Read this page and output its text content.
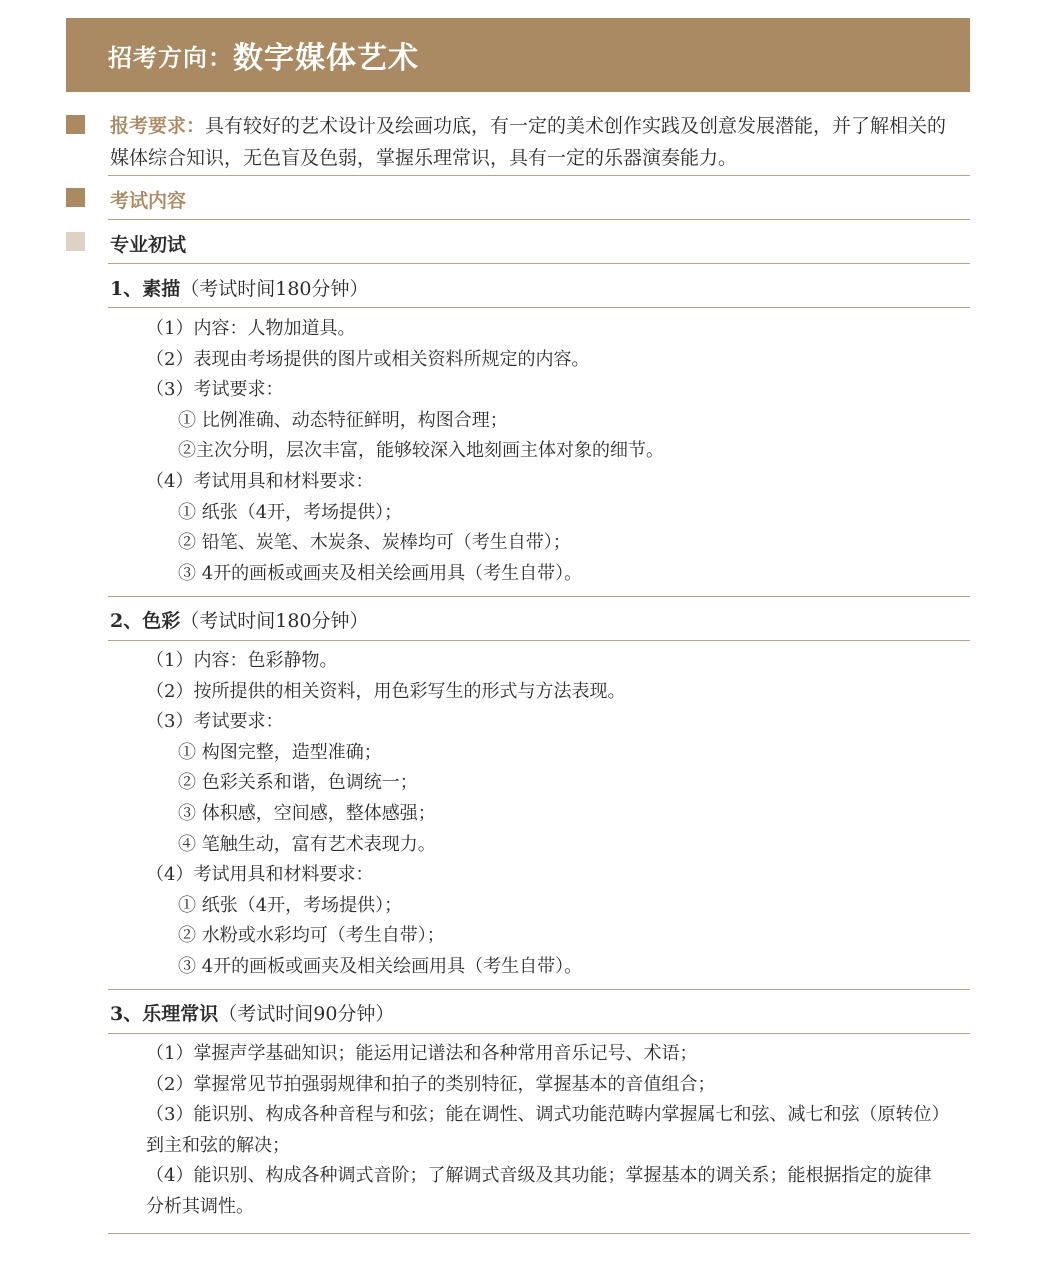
招考方向： 数字媒体艺术
报考要求：具有较好的艺术设计及绘画功底，有一定的美术创作实践及创意发展潜能，并了解相关的媒体综合知识，无色盲及色弱，掌握乐理常识，具有一定的乐器演奏能力。
考试内容
专业初试
1、素描（考试时间180分钟）
（1）内容：人物加道具。
（2）表现由考场提供的图片或相关资料所规定的内容。
（3）考试要求：
① 比例准确、动态特征鲜明，构图合理；
②主次分明，层次丰富，能够较深入地刻画主体对象的细节。
（4）考试用具和材料要求：
① 纸张（4开，考场提供）；
② 铅笔、炭笔、木炭条、炭棒均可（考生自带）；
③ 4开的画板或画夹及相关绘画用具（考生自带）。
2、色彩（考试时间180分钟）
（1）内容：色彩静物。
（2）按所提供的相关资料，用色彩写生的形式与方法表现。
（3）考试要求：
① 构图完整，造型准确；
② 色彩关系和谐，色调统一；
③ 体积感，空间感，整体感强；
④ 笔触生动，富有艺术表现力。
（4）考试用具和材料要求：
① 纸张（4开，考场提供）；
② 水粉或水彩均可（考生自带）；
③ 4开的画板或画夹及相关绘画用具（考生自带）。
3、乐理常识（考试时间90分钟）
（1）掌握声学基础知识；能运用记谱法和各种常用音乐记号、术语；
（2）掌握常见节拍强弱规律和拍子的类别特征，掌握基本的音值组合；
（3）能识别、构成各种音程与和弦；能在调性、调式功能范畴内掌握属七和弦、减七和弦（原转位）到主和弦的解决；
（4）能识别、构成各种调式音阶；了解调式音级及其功能；掌握基本的调关系；能根据指定的旋律分析其调性。
